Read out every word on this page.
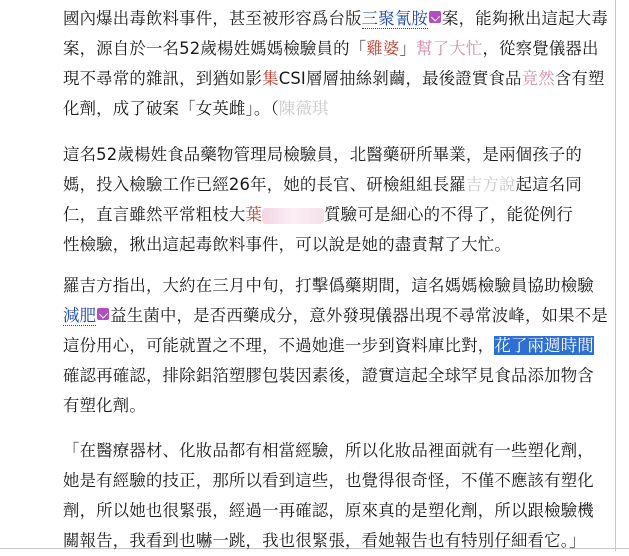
國內爆出毒飲料事件，甚至被形容爲台版三聚氰胺 案，能夠揪出這起大毒
案，源自於一名52歲楊姓媽媽檢驗員的「雞婆」幫了大忙，從察覺儀器出
現不尋常的雜訊，到猶如影集CSI層層抽絲剝繭，最後證實食品竟然含有塑
化劑，成了破案「女英雌」。（陳薇琪
這名52歲楊姓食品藥物管理局檢驗員，北醫藥研所畢業，是兩個孩子的
媽，投入檢驗工作已經26年，她的長官、研檢組組長羅吉方說起這名同
仁，直言雖然平常粗枝大葉	質驗可是細心的不得了，能從例行
性檢驗，揪出這起毒飲料事件，可以說是她的盡責幫了大忙。
羅吉方指出，大約在三月中旬，打擊僞藥期間，這名媽媽檢驗員協助檢驗
減肥 益生菌中，是否西藥成分，意外發現儀器出現不尋常波峰，如果不是
這份用心，可能就置之不理，不過她進一步到資料庫比對，花了兩週時間
確認再確認，排除鋁箔塑膠包裝因素後，證實這起全球罕見食品添加物含
有塑化劑。
「在醫療器材、化妝品都有相當經驗，所以化妝品裡面就有一些塑化劑，
她是有經驗的技正，那所以看到這些，也覺得很奇怪，不僅不應該有塑化
劑，所以她也很緊張，經過一再確認，原來真的是塑化劑，所以跟檢驗機
關報告，我看到也嚇一跳，我也很緊張，看她報告也有特別仔細看它。」
